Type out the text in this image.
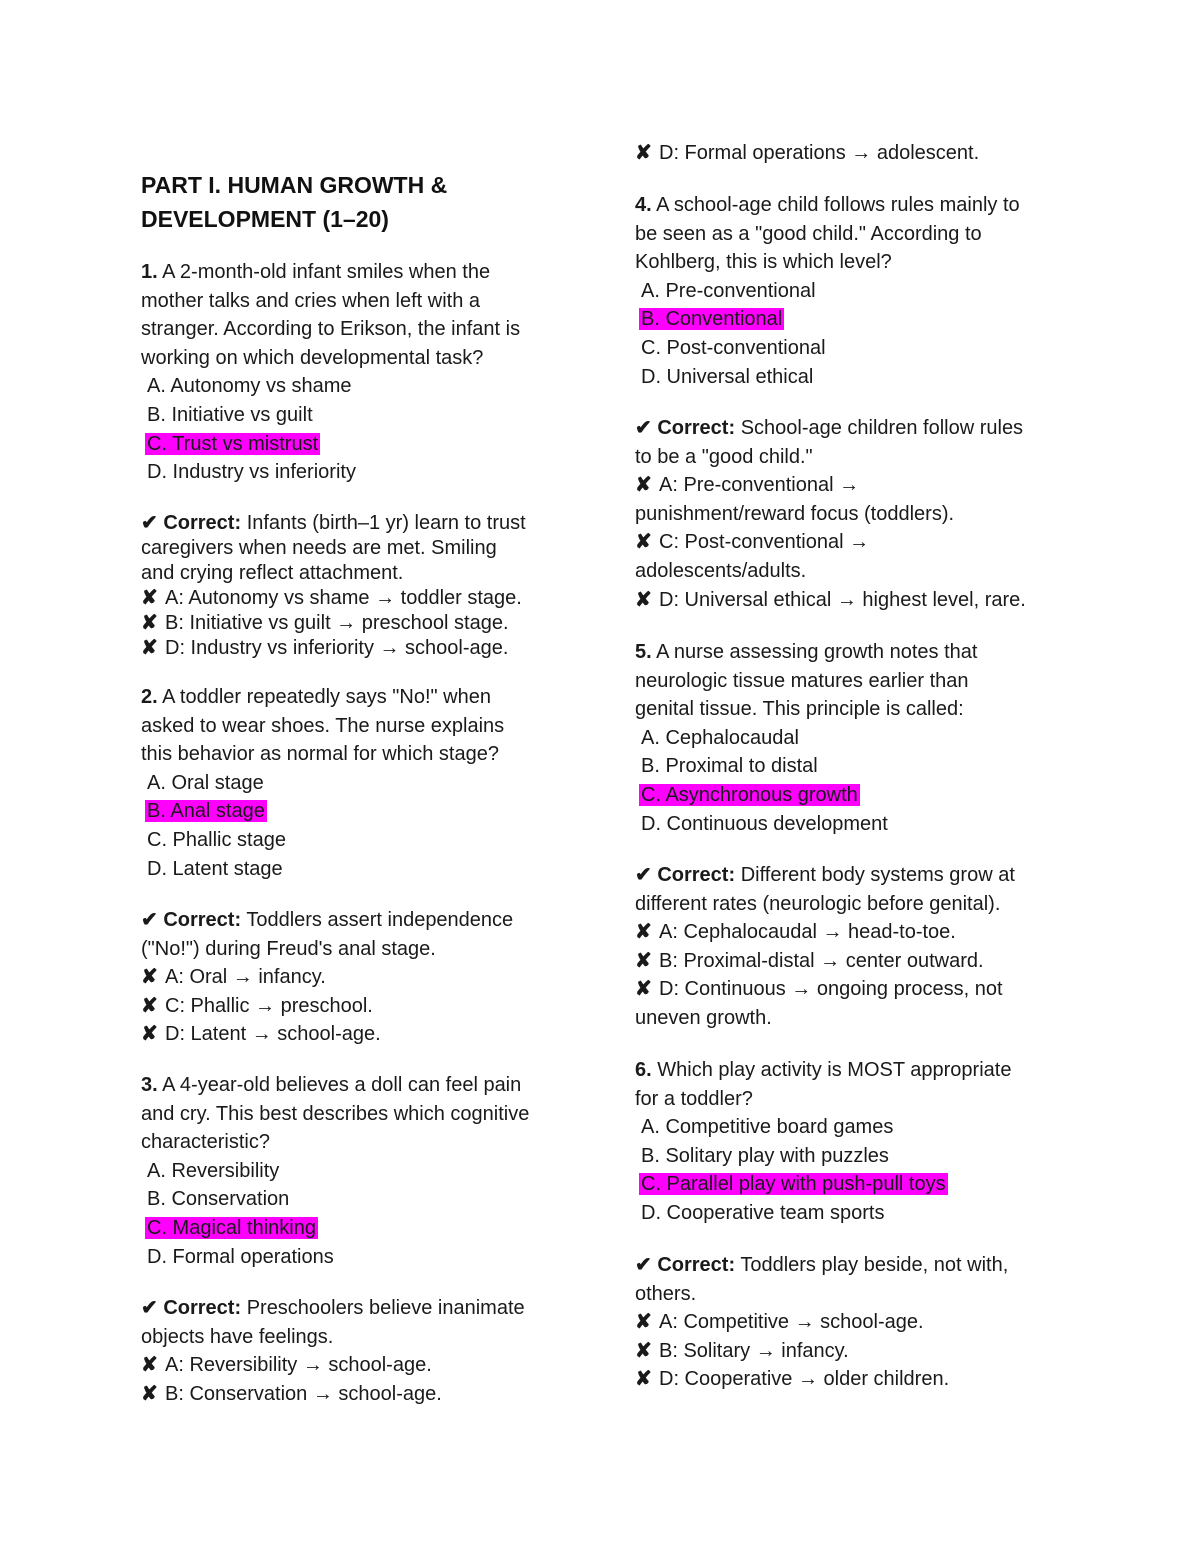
PART I. HUMAN GROWTH &
DEVELOPMENT (1–20)
1. A 2-month-old infant smiles when the
mother talks and cries when left with a
stranger. According to Erikson, the infant is
working on which developmental task?
A. Autonomy vs shame
B. Initiative vs guilt
C. Trust vs mistrust
D. Industry vs inferiority
✔ Correct: Infants (birth–1 yr) learn to trust
caregivers when needs are met. Smiling
and crying reflect attachment.
✘ A: Autonomy vs shame → toddler stage.
✘ B: Initiative vs guilt → preschool stage.
✘ D: Industry vs inferiority → school-age.
2. A toddler repeatedly says "No!" when
asked to wear shoes. The nurse explains
this behavior as normal for which stage?
A. Oral stage
B. Anal stage
C. Phallic stage
D. Latent stage
✔ Correct: Toddlers assert independence
("No!") during Freud's anal stage.
✘ A: Oral → infancy.
✘ C: Phallic → preschool.
✘ D: Latent → school-age.
3. A 4-year-old believes a doll can feel pain
and cry. This best describes which cognitive
characteristic?
A. Reversibility
B. Conservation
C. Magical thinking
D. Formal operations
✔ Correct: Preschoolers believe inanimate
objects have feelings.
✘ A: Reversibility → school-age.
✘ B: Conservation → school-age.
✘ D: Formal operations → adolescent.
4. A school-age child follows rules mainly to
be seen as a "good child." According to
Kohlberg, this is which level?
A. Pre-conventional
B. Conventional
C. Post-conventional
D. Universal ethical
✔ Correct: School-age children follow rules
to be a "good child."
✘ A: Pre-conventional →
punishment/reward focus (toddlers).
✘ C: Post-conventional →
adolescents/adults.
✘ D: Universal ethical → highest level, rare.
5. A nurse assessing growth notes that
neurologic tissue matures earlier than
genital tissue. This principle is called:
A. Cephalocaudal
B. Proximal to distal
C. Asynchronous growth
D. Continuous development
✔ Correct: Different body systems grow at
different rates (neurologic before genital).
✘ A: Cephalocaudal → head-to-toe.
✘ B: Proximal-distal → center outward.
✘ D: Continuous → ongoing process, not
uneven growth.
6. Which play activity is MOST appropriate
for a toddler?
A. Competitive board games
B. Solitary play with puzzles
C. Parallel play with push-pull toys
D. Cooperative team sports
✔ Correct: Toddlers play beside, not with,
others.
✘ A: Competitive → school-age.
✘ B: Solitary → infancy.
✘ D: Cooperative → older children.
